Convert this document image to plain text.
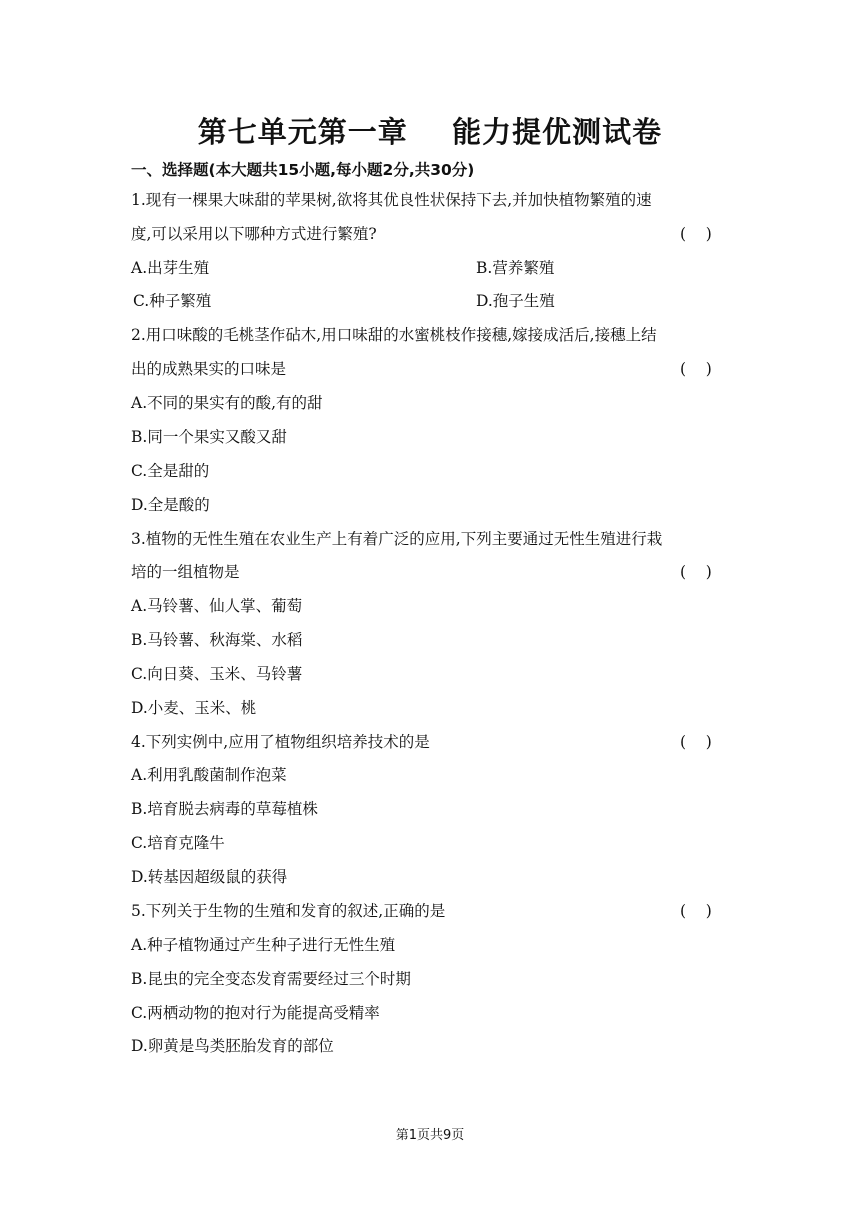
第七单元第一章    能力提优测试卷
一、选择题(本大题共15小题,每小题2分,共30分)
1.现有一棵果大味甜的苹果树,欲将其优良性状保持下去,并加快植物繁殖的速
度,可以采用以下哪种方式进行繁殖?	(    )
A.出芽生殖	B.营养繁殖
C.种子繁殖	D.孢子生殖
2.用口味酸的毛桃茎作砧木,用口味甜的水蜜桃枝作接穗,嫁接成活后,接穗上结
出的成熟果实的口味是	(    )
A.不同的果实有的酸,有的甜
B.同一个果实又酸又甜
C.全是甜的
D.全是酸的
3.植物的无性生殖在农业生产上有着广泛的应用,下列主要通过无性生殖进行栽
培的一组植物是	(    )
A.马铃薯、仙人掌、葡萄
B.马铃薯、秋海棠、水稻
C.向日葵、玉米、马铃薯
D.小麦、玉米、桃
4.下列实例中,应用了植物组织培养技术的是	(    )
A.利用乳酸菌制作泡菜
B.培育脱去病毒的草莓植株
C.培育克隆牛
D.转基因超级鼠的获得
5.下列关于生物的生殖和发育的叙述,正确的是	(    )
A.种子植物通过产生种子进行无性生殖
B.昆虫的完全变态发育需要经过三个时期
C.两栖动物的抱对行为能提高受精率
D.卵黄是鸟类胚胎发育的部位
第1页共9页
